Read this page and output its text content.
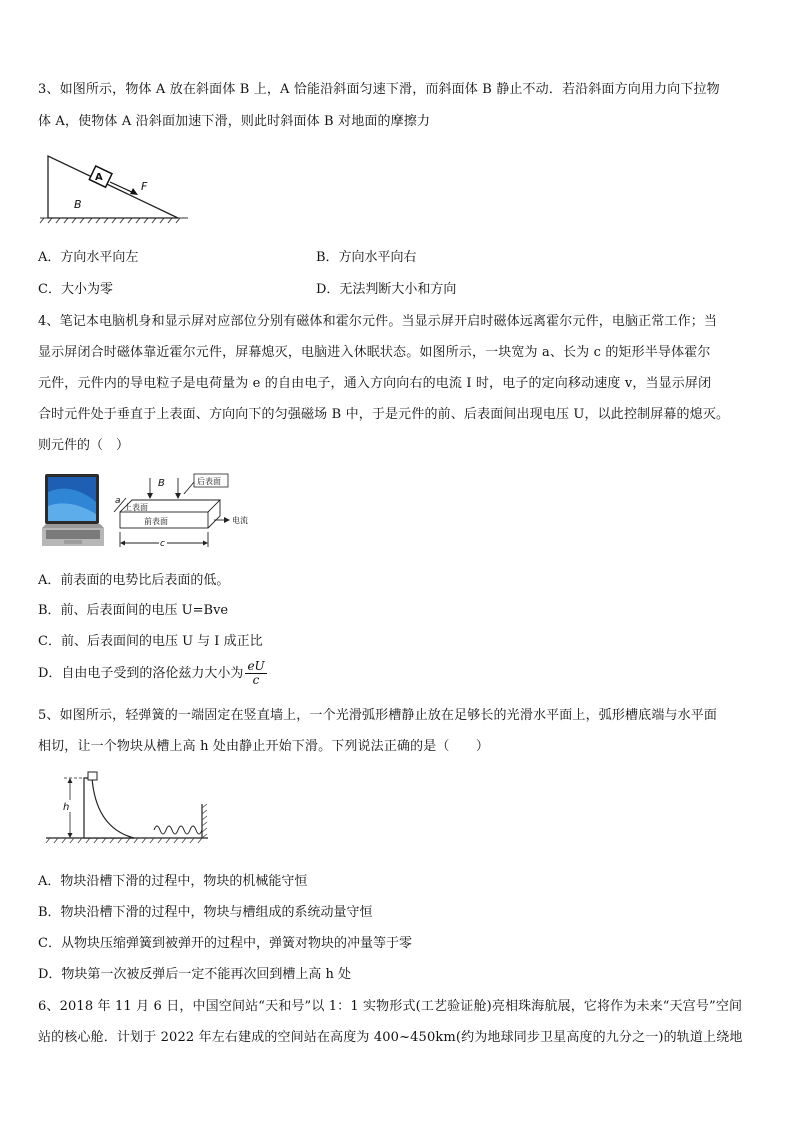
3、如图所示，物体 A 放在斜面体 B 上，A 恰能沿斜面匀速下滑，而斜面体 B 静止不动．若沿斜面方向用力向下拉物
体 A，使物体 A 沿斜面加速下滑，则此时斜面体 B 对地面的摩擦力
A
F
B
A．方向水平向左	B．方向水平向右
C．大小为零	D．无法判断大小和方向
4、笔记本电脑机身和显示屏对应部位分别有磁体和霍尔元件。当显示屏开启时磁体远离霍尔元件，电脑正常工作；当
显示屏闭合时磁体靠近霍尔元件，屏幕熄灭，电脑进入休眠状态。如图所示，一块宽为 a、长为 c 的矩形半导体霍尔
元件，元件内的导电粒子是电荷量为 e 的自由电子，通入方向向右的电流 I 时，电子的定向移动速度 v，当显示屏闭
合时元件处于垂直于上表面、方向向下的匀强磁场 B 中，于是元件的前、后表面间出现电压 U，以此控制屏幕的熄灭。
则元件的（　）
后表面
B
a
上表面
前表面	电流
c
A．前表面的电势比后表面的低。
B．前、后表面间的电压 U=Bve
C．前、后表面间的电压 U 与 I 成正比
D．自由电子受到的洛伦兹力大小为 $\frac{eU}{c}$
5、如图所示，轻弹簧的一端固定在竖直墙上，一个光滑弧形槽静止放在足够长的光滑水平面上，弧形槽底端与水平面
相切，让一个物块从槽上高 h 处由静止开始下滑。下列说法正确的是（　　）
h
A．物块沿槽下滑的过程中，物块的机械能守恒
B．物块沿槽下滑的过程中，物块与槽组成的系统动量守恒
C．从物块压缩弹簧到被弹开的过程中，弹簧对物块的冲量等于零
D．物块第一次被反弹后一定不能再次回到槽上高 h 处
6、2018 年 11 月 6 日，中国空间站“天和号”以 1：1 实物形式(工艺验证舱)亮相珠海航展，它将作为未来“天宫号”空间
站的核心舱．计划于 2022 年左右建成的空间站在高度为 400~450km(约为地球同步卫星高度的九分之一)的轨道上绕地
